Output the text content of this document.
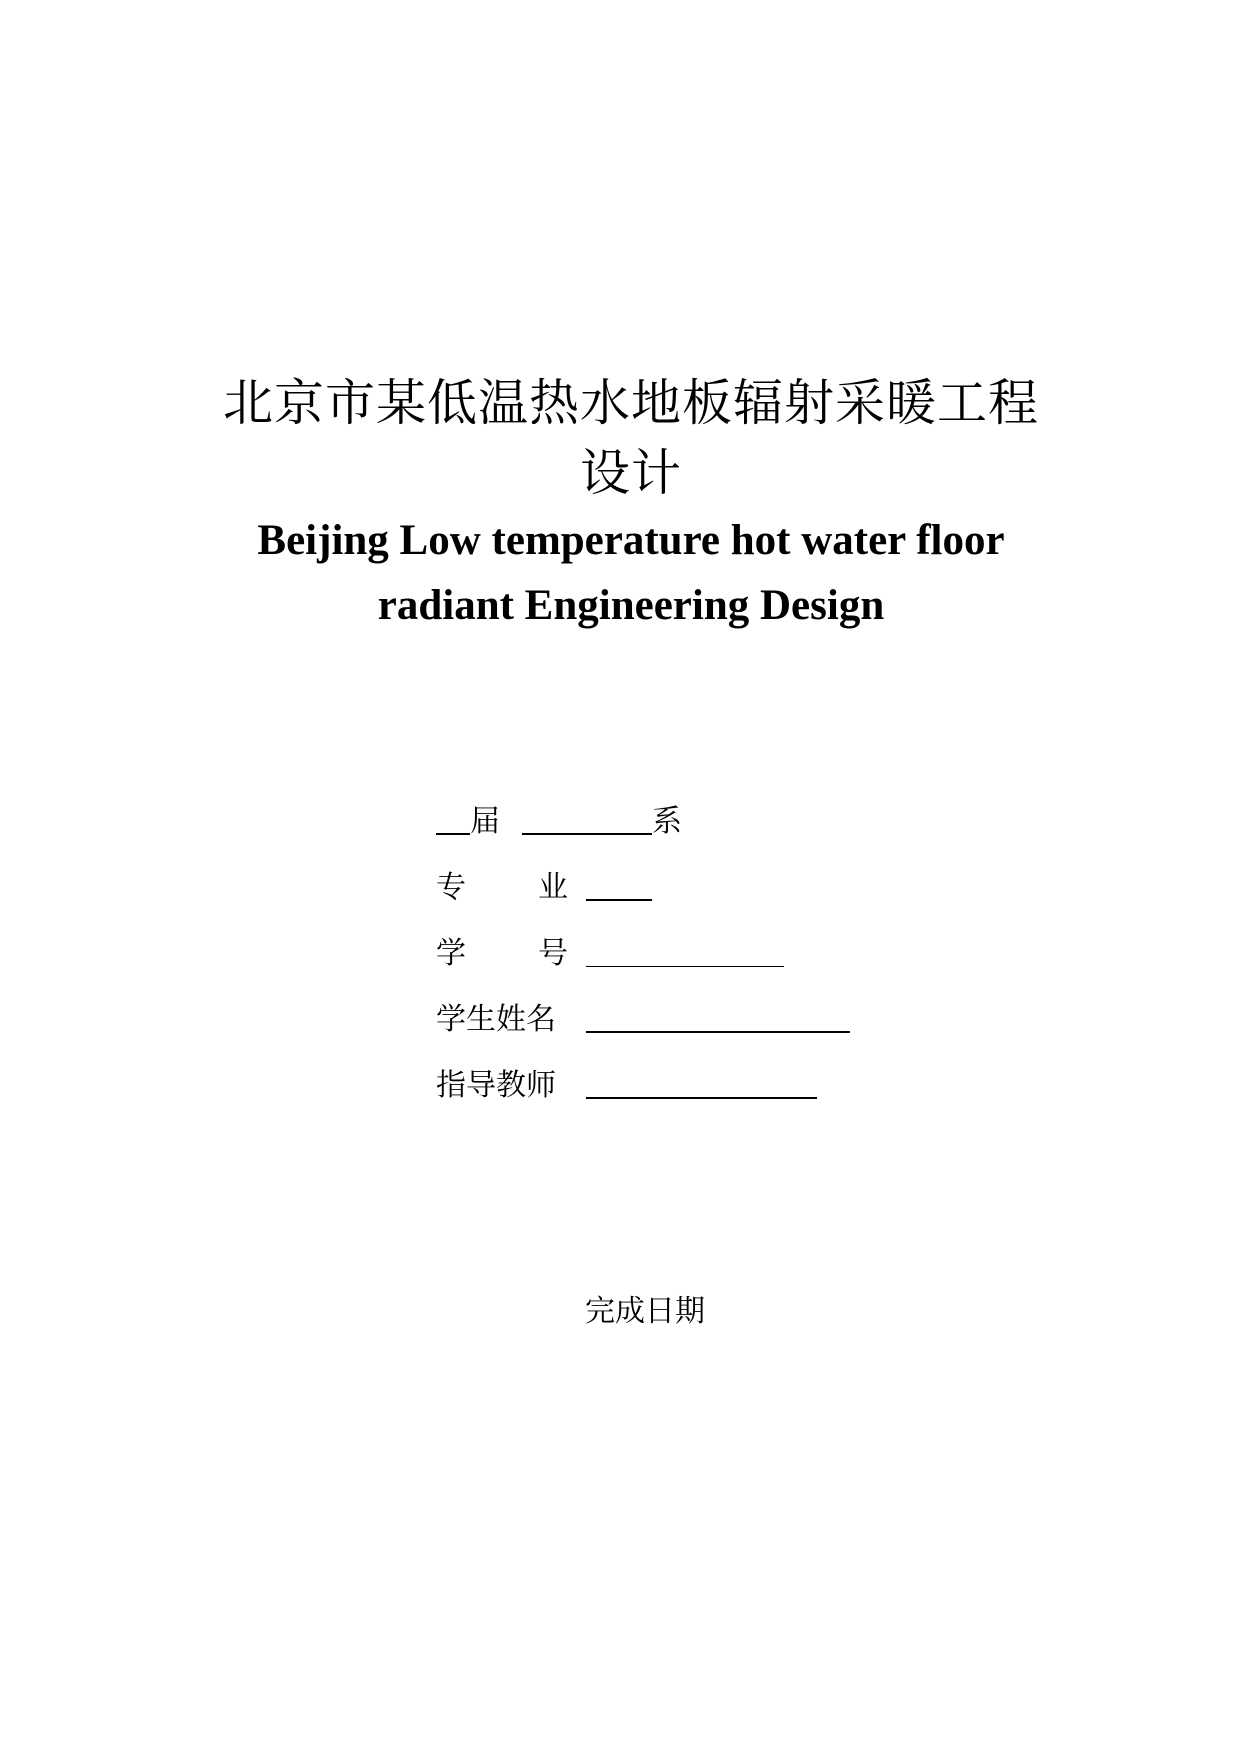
北京市某低温热水地板辐射采暖工程
设计
Beijing Low temperature hot water floor
radiant Engineering Design
届	系
专 业
学 号
学生姓名
指导教师
完成日期
